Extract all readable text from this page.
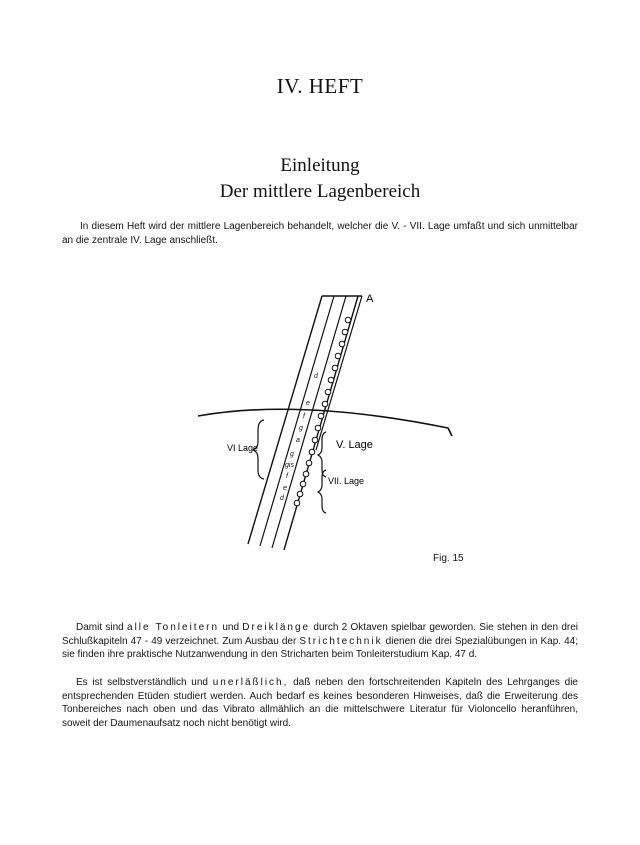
IV. HEFT
Einleitung
Der mittlere Lagenbereich
In diesem Heft wird der mittlere Lagenbereich behandelt, welcher die V. - VII. Lage umfaßt und sich unmittelbar an die zentrale IV. Lage anschließt.
A
d
e
f
g
a
g
gis
f
e
d
VI Lage	V. Lage
VII. Lage
Fig. 15
Damit sind alle Tonleitern und Dreiklänge durch 2 Oktaven spielbar geworden. Sie stehen in den drei Schlußkapiteln 47 - 49 verzeichnet. Zum Ausbau der Strichtechnik dienen die drei Spezialübungen in Kap. 44; sie finden ihre praktische Nutzanwendung in den Stricharten beim Tonleiterstudium Kap. 47 d.
Es ist selbstverständlich und unerläßlich, daß neben den fortschreitenden Kapiteln des Lehrganges die entsprechenden Etüden studiert werden. Auch bedarf es keines besonderen Hinweises, daß die Erweiterung des Tonbereiches nach oben und das Vibrato allmählich an die mittelschwere Literatur für Violoncello heranführen, soweit der Daumenaufsatz noch nicht benötigt wird.
